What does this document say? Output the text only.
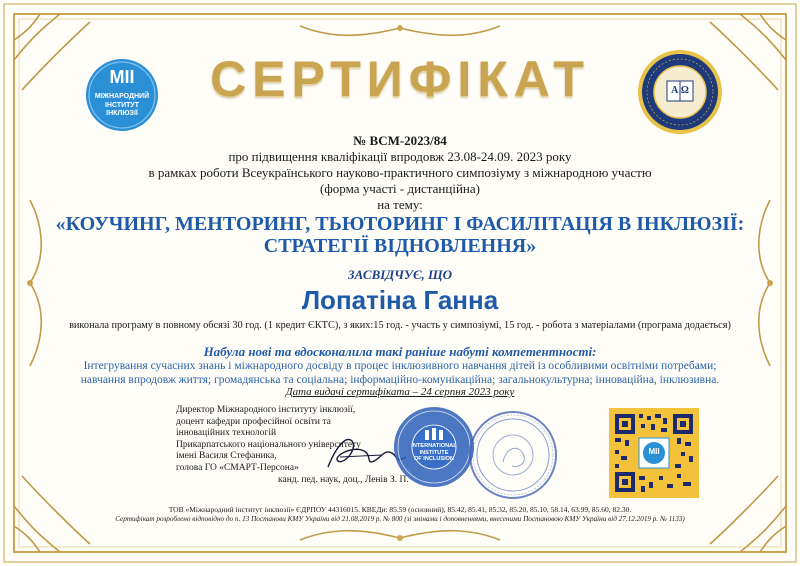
МІІ
МІЖНАРОДНИЙ
ІНСТИТУТ
ІНКЛЮЗІЇ
А Ω
СЕРТИФІКАТ
№ ВСМ-2023/84
про підвищення кваліфікації впродовж 23.08-24.09. 2023 року
в рамках роботи Всеукраїнського науково-практичного симпозіуму з міжнародною участю
(форма участі - дистанційна)
на тему:
«КОУЧИНГ, МЕНТОРИНГ, ТЬЮТОРИНГ І ФАСИЛІТАЦІЯ В ІНКЛЮЗІЇ:
СТРАТЕГІЇ ВІДНОВЛЕННЯ»
ЗАСВІДЧУЄ, ЩО
Лопатіна Ганна
виконала програму в повному обсязі 30 год. (1 кредит ЄКТС), з яких:15 год. - участь у симпозіумі, 15 год. - робота з матеріалами (програма додається)
Набула нові та вдосконалила такі раніше набуті компетентності:
Інтегрування сучасних знань і міжнародного досвіду в процес інклюзивного навчання дітей із особливими освітніми потребами;
навчання впродовж життя; громадянська та соціальна; інформаційно-комунікаційна; загальнокультурна; інноваційна, інклюзивна.
Дата видачі сертифіката – 24 серпня 2023 року
Директор Міжнародного інституту інклюзії,
доцент кафедри професійної освіти та
інноваційних технологій
Прикарпатського національного університету
імені Василя Стефаника,
голова ГО «СМАРТ-Персона»
канд. пед. наук, доц., Ленів З. П.
INTERNATIONAL
INSTITUTE
OF INCLUSION
МІІ
ТОВ «Міжнародний інститут інклюзії» ЄДРПОУ 44316015. КВЕДи: 85.59 (основний), 85.42, 85.41, 85.32, 85.20, 85.10, 58.14, 63.99, 85.60, 82.30.
Сертифікат розроблено відповідно до п. 13 Постанови КМУ України від 21.08.2019 р. № 800 (зі змінами і доповненнями, внесеними Постановою КМУ України від 27.12.2019 р. № 1133)
